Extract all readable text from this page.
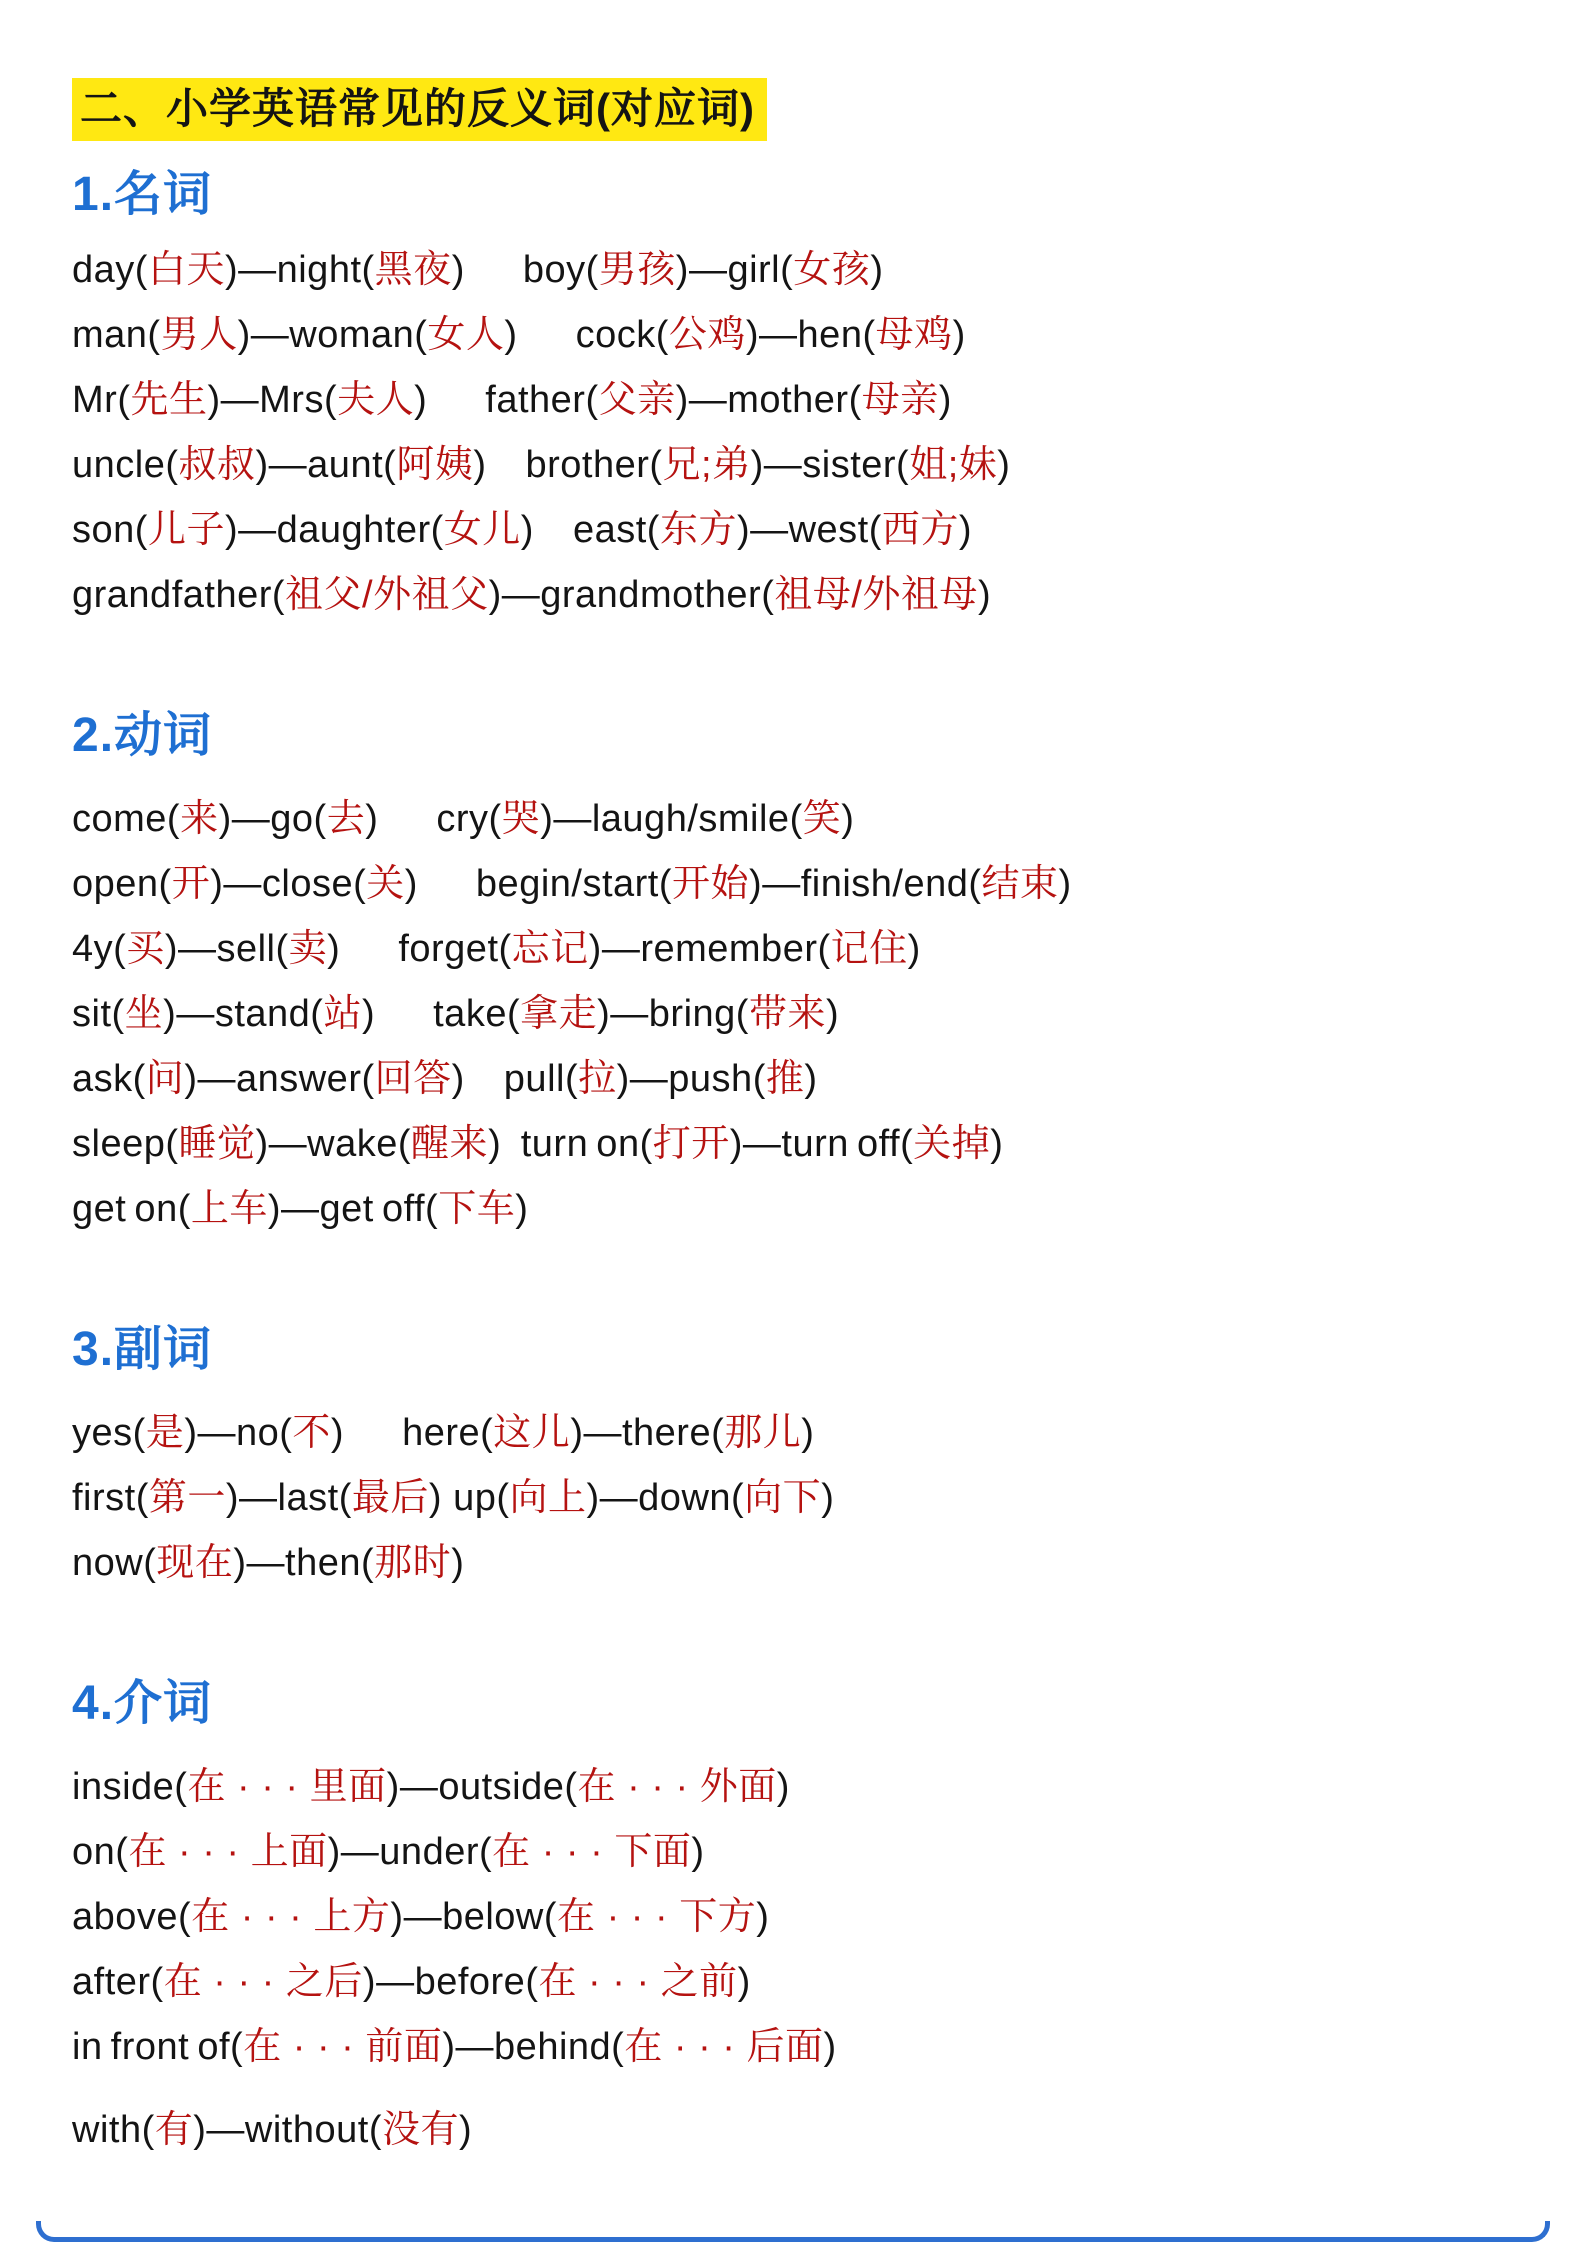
二、小学英语常见的反义词(对应词)
1.名词
day(白天)—night(黑夜)  boy(男孩)—girl(女孩)
man(男人)—woman(女人)  cock(公鸡)—hen(母鸡)
Mr(先生)—Mrs(夫人)  father(父亲)—mother(母亲)
uncle(叔叔)—aunt(阿姨)  brother(兄;弟)—sister(姐;妹)
son(儿子)—daughter(女儿)  east(东方)—west(西方)
grandfather(祖父/外祖父)—grandmother(祖母/外祖母)
2.动词
come(来)—go(去)  cry(哭)—laugh/smile(笑)
open(开)—close(关)  begin/start(开始)—finish/end(结束)
4y(买)—sell(卖)  forget(忘记)—remember(记住)
sit(坐)—stand(站)  take(拿走)—bring(带来)
ask(问)—answer(回答)  pull(拉)—push(推)
sleep(睡觉)—wake(醒来) turn on(打开)—turn off(关掉)
get on(上车)—get off(下车)
3.副词
yes(是)—no(不)  here(这儿)—there(那儿)
first(第一)—last(最后) up(向上)—down(向下)
now(现在)—then(那时)
4.介词
inside(在 · · · 里面)—outside(在 · · · 外面)
on(在 · · · 上面)—under(在 · · · 下面)
above(在 · · · 上方)—below(在 · · · 下方)
after(在 · · · 之后)—before(在 · · · 之前)
in front of(在 · · · 前面)—behind(在 · · · 后面)
with(有)—without(没有)
